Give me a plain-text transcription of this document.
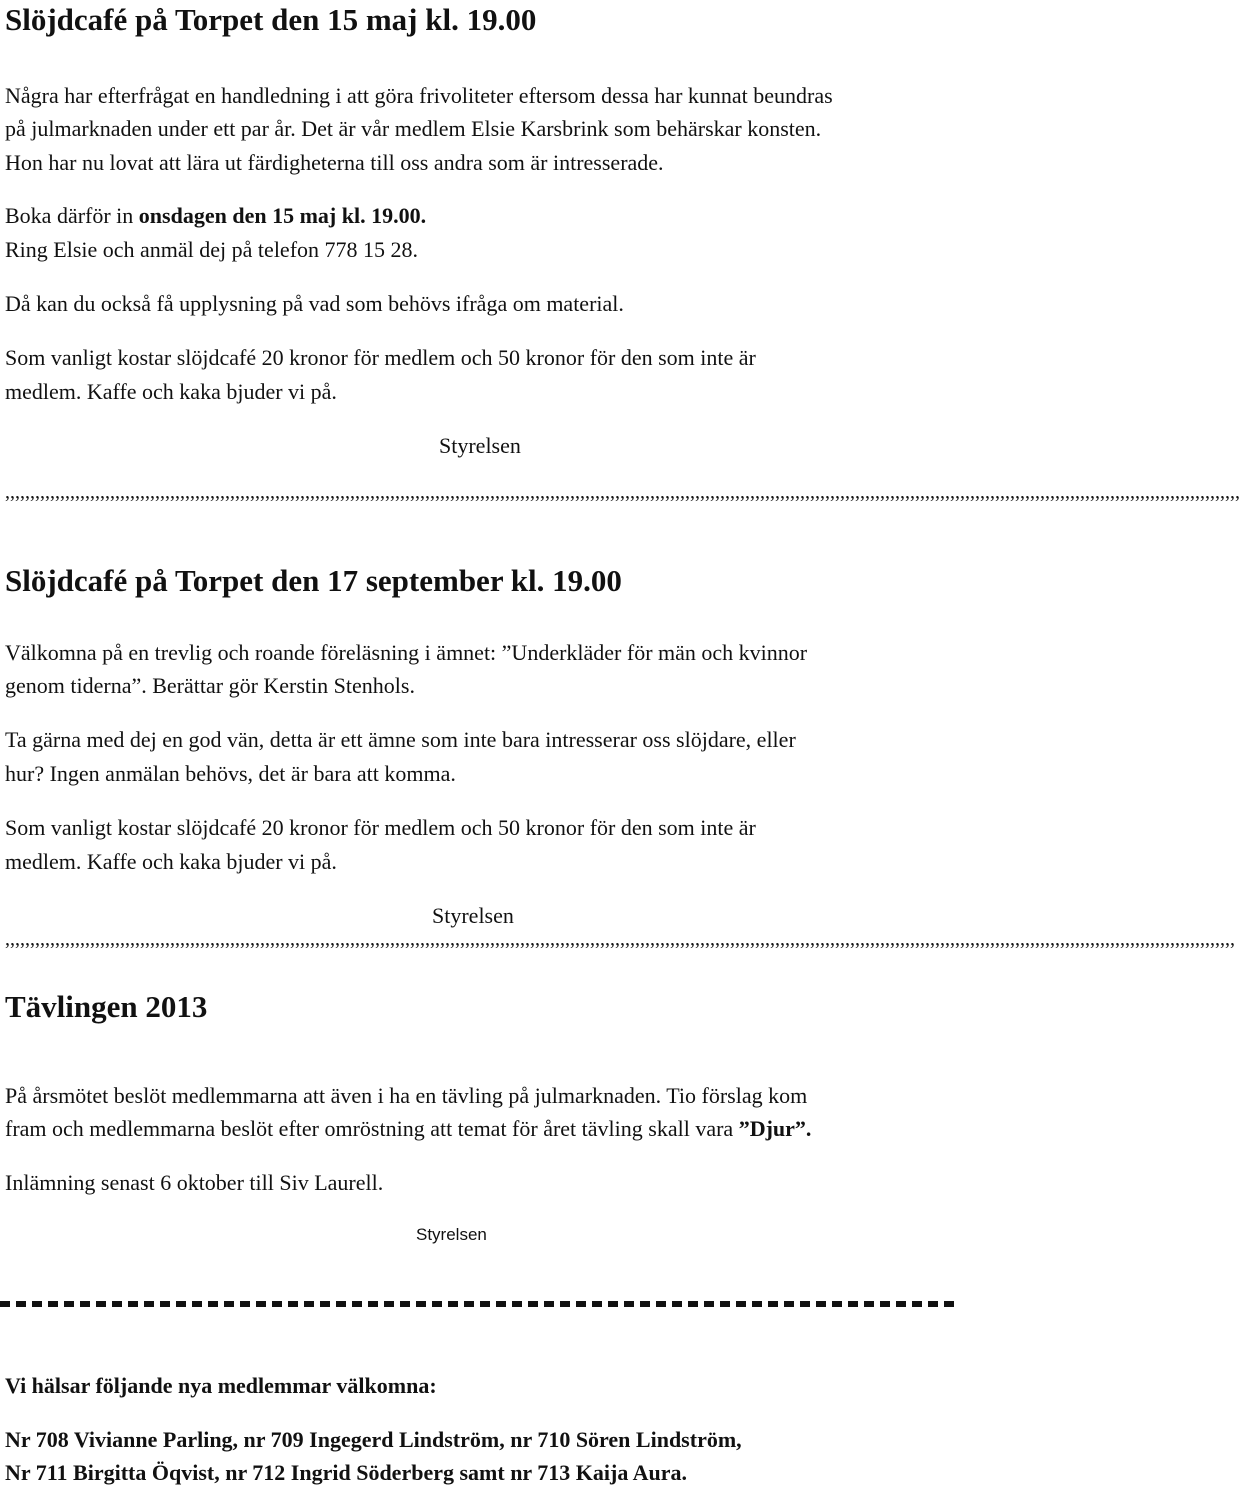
Slöjdcafé på Torpet den 15 maj kl. 19.00

Några har efterfrågat en handledning i att göra frivoliteter eftersom dessa har kunnat beundras

på julmarknaden under ett par år. Det är vår medlem Elsie Karsbrink som behärskar konsten.

Hon har nu lovat att lära ut färdigheterna till oss andra som är intresserade.

Boka därför in onsdagen den 15 maj kl. 19.00.

Ring Elsie och anmäl dej på telefon 778 15 28.

Då kan du också få upplysning på vad som behövs ifråga om material.

Som vanligt kostar slöjdcafé 20 kronor för medlem och 50 kronor för den som inte är

medlem. Kaffe och kaka bjuder vi på.

Styrelsen

,,,,,,,,,,,,,,,,,,,,,,,,,,,,,,,,,,,,,,,,,,,,,,,,,,,,,,,,,,,,,,,,,,,,,,,,,,,,,,,,,,,,,,,,,,,,,,,,,,,,,,,,,,,,,,,,,,,,,,,,,,,,,,,,,,,,,,,,,,,,,,,,,,,,,,,,,,,,,,,,,,,,,,,,,,,,,,,,,,,,,,,,,,,,,,,,,,,,,,,,,,,,,,,,,,,,,,,,,,,,,,,,,,,,,,,,,,,,,,,,,,,,,,,
Slöjdcafé på Torpet den 17 september kl. 19.00

Välkomna på en trevlig och roande föreläsning i ämnet: ”Underkläder för män och kvinnor

genom tiderna”. Berättar gör Kerstin Stenhols.

Ta gärna med dej en god vän, detta är ett ämne som inte bara intresserar oss slöjdare, eller

hur? Ingen anmälan behövs, det är bara att komma.

Som vanligt kostar slöjdcafé 20 kronor för medlem och 50 kronor för den som inte är

medlem. Kaffe och kaka bjuder vi på.

Styrelsen

,,,,,,,,,,,,,,,,,,,,,,,,,,,,,,,,,,,,,,,,,,,,,,,,,,,,,,,,,,,,,,,,,,,,,,,,,,,,,,,,,,,,,,,,,,,,,,,,,,,,,,,,,,,,,,,,,,,,,,,,,,,,,,,,,,,,,,,,,,,,,,,,,,,,,,,,,,,,,,,,,,,,,,,,,,,,,,,,,,,,,,,,,,,,,,,,,,,,,,,,,,,,,,,,,,,,,,,,,,,,,,,,,,,,,,,,,,,,,,,,,,,,,,
Tävlingen 2013

På årsmötet beslöt medlemmarna att även i ha en tävling på julmarknaden. Tio förslag kom

fram och medlemmarna beslöt efter omröstning att temat för året tävling skall vara ”Djur”.

Inlämning senast 6 oktober till Siv Laurell.

Styrelsen

Vi hälsar följande nya medlemmar välkomna:

Nr 708 Vivianne Parling, nr 709 Ingegerd Lindström, nr 710 Sören Lindström,

Nr 711 Birgitta Öqvist, nr 712 Ingrid Söderberg samt nr 713 Kaija Aura.
